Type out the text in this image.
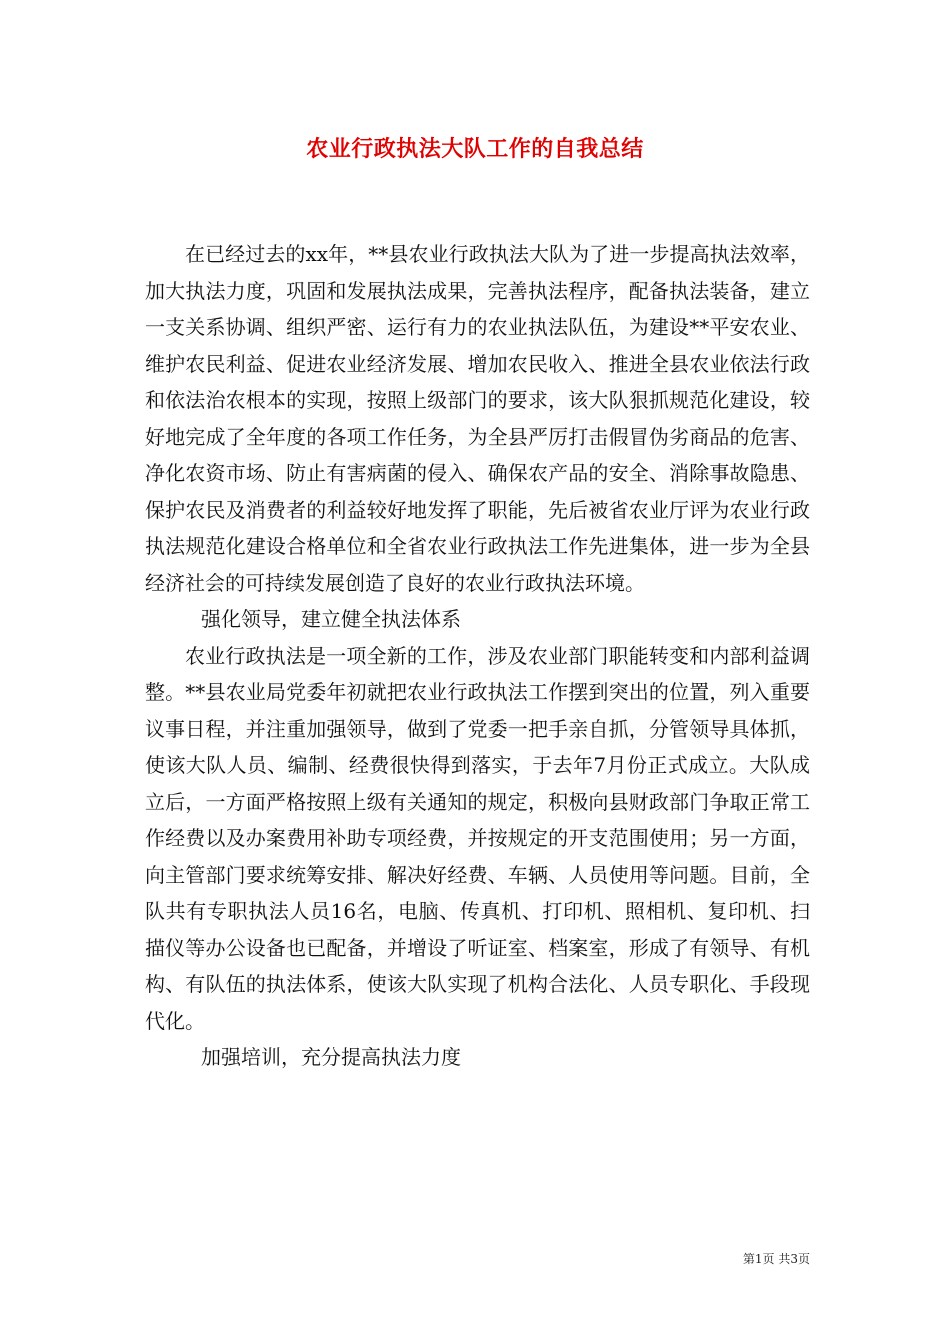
农业行政执法大队工作的自我总结

在已经过去的xx年，**县农业行政执法大队为了进一步提高执法效率，加大执法力度，巩固和发展执法成果，完善执法程序，配备执法装备，建立一支关系协调、组织严密、运行有力的农业执法队伍，为建设**平安农业、维护农民利益、促进农业经济发展、增加农民收入、推进全县农业依法行政和依法治农根本的实现，按照上级部门的要求，该大队狠抓规范化建设，较好地完成了全年度的各项工作任务，为全县严厉打击假冒伪劣商品的危害、净化农资市场、防止有害病菌的侵入、确保农产品的安全、消除事故隐患、保护农民及消费者的利益较好地发挥了职能，先后被省农业厅评为农业行政执法规范化建设合格单位和全省农业行政执法工作先进集体，进一步为全县经济社会的可持续发展创造了良好的农业行政执法环境。

强化领导，建立健全执法体系

农业行政执法是一项全新的工作，涉及农业部门职能转变和内部利益调整。**县农业局党委年初就把农业行政执法工作摆到突出的位置，列入重要议事日程，并注重加强领导，做到了党委一把手亲自抓，分管领导具体抓，使该大队人员、编制、经费很快得到落实，于去年7月份正式成立。大队成立后，一方面严格按照上级有关通知的规定，积极向县财政部门争取正常工作经费以及办案费用补助专项经费，并按规定的开支范围使用；另一方面，向主管部门要求统筹安排、解决好经费、车辆、人员使用等问题。目前，全队共有专职执法人员16名，电脑、传真机、打印机、照相机、复印机、扫描仪等办公设备也已配备，并增设了听证室、档案室，形成了有领导、有机构、有队伍的执法体系，使该大队实现了机构合法化、人员专职化、手段现代化。

加强培训，充分提高执法力度

第1页 共3页
